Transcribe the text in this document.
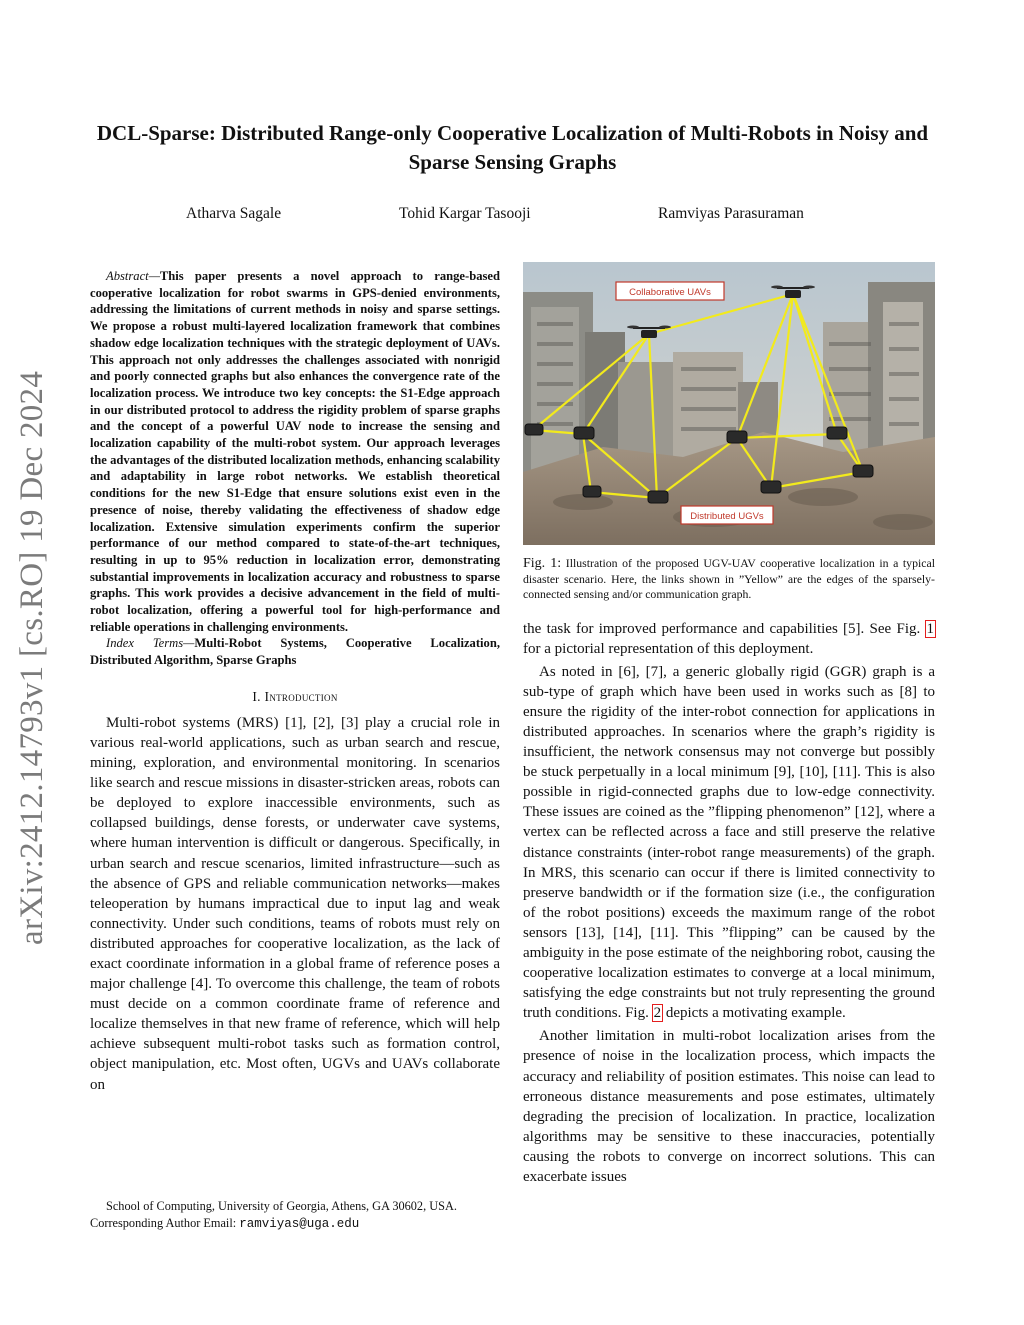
arXiv:2412.14793v1 [cs.RO] 19 Dec 2024
DCL-Sparse: Distributed Range-only Cooperative Localization of Multi-Robots in Noisy and Sparse Sensing Graphs
Atharva Sagale	Tohid Kargar Tasooji	Ramviyas Parasuraman

Abstract—This paper presents a novel approach to range-based cooperative localization for robot swarms in GPS-denied environments, addressing the limitations of current methods in noisy and sparse settings. We propose a robust multi-layered localization framework that combines shadow edge localization techniques with the strategic deployment of UAVs. This approach not only addresses the challenges associated with nonrigid and poorly connected graphs but also enhances the convergence rate of the localization process. We introduce two key concepts: the S1-Edge approach in our distributed protocol to address the rigidity problem of sparse graphs and the concept of a powerful UAV node to increase the sensing and localization capability of the multi-robot system. Our approach leverages the advantages of the distributed localization methods, enhancing scalability and adaptability in large robot networks. We establish theoretical conditions for the new S1-Edge that ensure solutions exist even in the presence of noise, thereby validating the effectiveness of shadow edge localization. Extensive simulation experiments confirm the superior performance of our method compared to state-of-the-art techniques, resulting in up to 95% reduction in localization error, demonstrating substantial improvements in localization accuracy and robustness to sparse graphs. This work provides a decisive advancement in the field of multi-robot localization, offering a powerful tool for high-performance and reliable operations in challenging environments.

Index Terms—Multi-Robot Systems, Cooperative Localization, Distributed Algorithm, Sparse Graphs

I. Introduction

Multi-robot systems (MRS) [1], [2], [3] play a crucial role in various real-world applications, such as urban search and rescue, mining, exploration, and environmental monitoring. In scenarios like search and rescue missions in disaster-stricken areas, robots can be deployed to explore inaccessible environments, such as collapsed buildings, dense forests, or underwater cave systems, where human intervention is difficult or dangerous. Specifically, in urban search and rescue scenarios, limited infrastructure—such as the absence of GPS and reliable communication networks—makes teleoperation by humans impractical due to input lag and weak connectivity. Under such conditions, teams of robots must rely on distributed approaches for cooperative localization, as the lack of exact coordinate information in a global frame of reference poses a major challenge [4]. To overcome this challenge, the team of robots must decide on a common coordinate frame of reference and localize themselves in that new frame of reference, which will help achieve subsequent multi-robot tasks such as formation control, object manipulation, etc. Most often, UGVs and UAVs collaborate on

School of Computing, University of Georgia, Athens, GA 30602, USA.
Corresponding Author Email: ramviyas@uga.edu
Collaborative UAVs
Distributed UGVs
Fig. 1: Illustration of the proposed UGV-UAV cooperative localization in a typical disaster scenario. Here, the links shown in ”Yellow” are the edges of the sparsely-connected sensing and/or communication graph.

the task for improved performance and capabilities [5]. See Fig. 1 for a pictorial representation of this deployment.

As noted in [6], [7], a generic globally rigid (GGR) graph is a sub-type of graph which have been used in works such as [8] to ensure the rigidity of the inter-robot connection for applications in distributed approaches. In scenarios where the graph’s rigidity is insufficient, the network consensus may not converge but possibly be stuck perpetually in a local minimum [9], [10], [11]. This is also possible in rigid-connected graphs due to low-edge connectivity. These issues are coined as the ”flipping phenomenon” [12], where a vertex can be reflected across a face and still preserve the relative distance constraints (inter-robot range measurements) of the graph. In MRS, this scenario can occur if there is limited connectivity to preserve bandwidth or if the formation size (i.e., the configuration of the robot positions) exceeds the maximum range of the robot sensors [13], [14], [11]. This ”flipping” can be caused by the ambiguity in the pose estimate of the neighboring robot, causing the cooperative localization estimates to converge at a local minimum, satisfying the edge constraints but not truly representing the ground truth conditions. Fig. 2 depicts a motivating example.

Another limitation in multi-robot localization arises from the presence of noise in the localization process, which impacts the accuracy and reliability of position estimates. This noise can lead to erroneous distance measurements and pose estimates, ultimately degrading the precision of localization. In practice, localization algorithms may be sensitive to these inaccuracies, potentially causing the robots to converge on incorrect solutions. This can exacerbate issues
